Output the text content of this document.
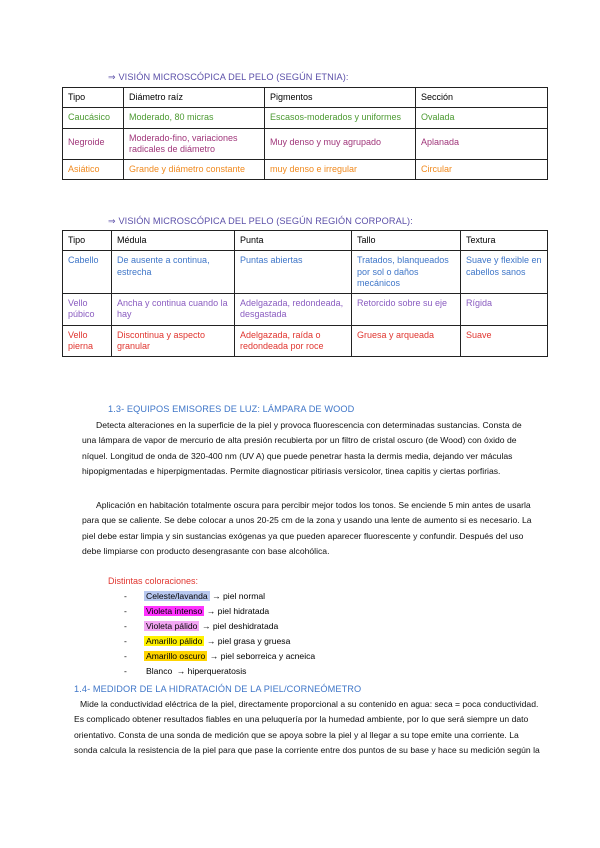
⇒ VISIÓN MICROSCÓPICA DEL PELO (SEGÚN ETNIA):
Tipo	Diámetro raíz	Pigmentos	Sección
Caucásico	Moderado, 80 micras	Escasos-moderados y uniformes	Ovalada
Negroide	Moderado-fino, variaciones radicales de diámetro	Muy denso y muy agrupado	Aplanada
Asiático	Grande y diámetro constante	muy denso e irregular	Circular
⇒ VISIÓN MICROSCÓPICA DEL PELO (SEGÚN REGIÓN CORPORAL):
Tipo	Médula	Punta	Tallo	Textura
Cabello	De ausente a continua, estrecha	Puntas abiertas	Tratados, blanqueados por sol o daños mecánicos	Suave y flexible en cabellos sanos
Vello púbico	Ancha y continua cuando la hay	Adelgazada, redondeada, desgastada	Retorcido sobre su eje	Rígida
Vello pierna	Discontinua y aspecto granular	Adelgazada, raída o redondeada por roce	Gruesa y arqueada	Suave
1.3- EQUIPOS EMISORES DE LUZ: LÁMPARA DE WOOD
Detecta alteraciones en la superficie de la piel y provoca fluorescencia con determinadas sustancias. Consta de una lámpara de vapor de mercurio de alta presión recubierta por un filtro de cristal oscuro (de Wood) con óxido de níquel. Longitud de onda de 320-400 nm (UV A) que puede penetrar hasta la dermis media, dejando ver máculas hipopigmentadas e hiperpigmentadas. Permite diagnosticar pitiriasis versicolor, tinea capitis y ciertas porfirias.
Aplicación en habitación totalmente oscura para percibir mejor todos los tonos. Se enciende 5 min antes de usarla para que se caliente. Se debe colocar a unos 20-25 cm de la zona y usando una lente de aumento si es necesario. La piel debe estar limpia y sin sustancias exógenas ya que pueden aparecer fluorescente y confundir. Después del uso debe limpiarse con producto desengrasante con base alcohólica.
Distintas coloraciones:
- Celeste/lavanda → piel normal
- Violeta intenso → piel hidratada
- Violeta pálido → piel deshidratada
- Amarillo pálido → piel grasa y gruesa
- Amarillo oscuro → piel seborreica y acneica
- Blanco → hiperqueratosis
1.4- MEDIDOR DE LA HIDRATACIÓN DE LA PIEL/CORNEÓMETRO
Mide la conductividad eléctrica de la piel, directamente proporcional a su contenido en agua: seca = poca conductividad. Es complicado obtener resultados fiables en una peluquería por la humedad ambiente, por lo que será siempre un dato orientativo. Consta de una sonda de medición que se apoya sobre la piel y al llegar a su tope emite una corriente. La sonda calcula la resistencia de la piel para que pase la corriente entre dos puntos de su base y hace su medición según la
